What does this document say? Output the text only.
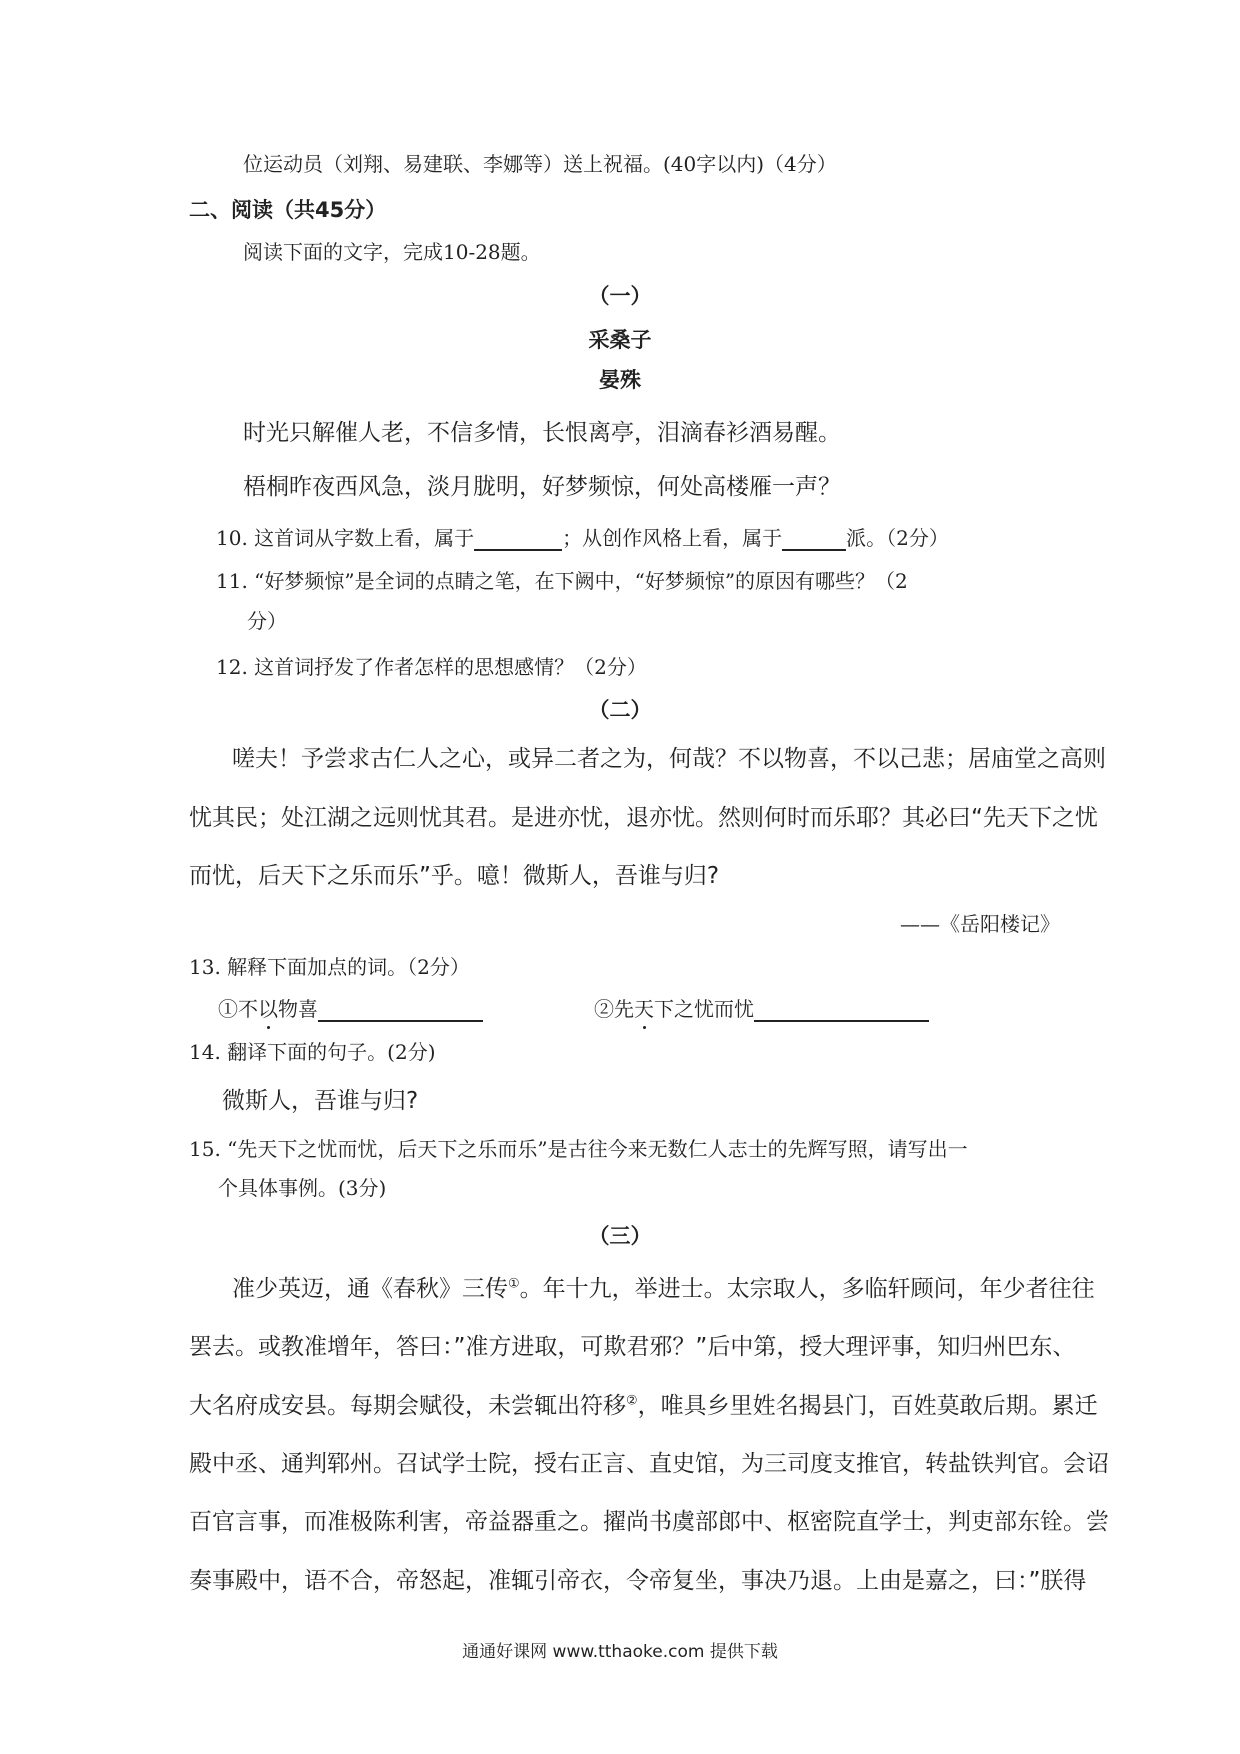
位运动员（刘翔、易建联、李娜等）送上祝福。(40字以内)（4分）
二、阅读（共45分）
阅读下面的文字，完成10-28题。
（一）
采桑子
晏殊
时光只解催人老，不信多情，长恨离亭，泪滴春衫酒易醒。
梧桐昨夜西风急，淡月胧明，好梦频惊，何处高楼雁一声？
10. 这首词从字数上看，属于	；从创作风格上看，属于	派。（2分）
11. “好梦频惊”是全词的点睛之笔，在下阙中，“好梦频惊”的原因有哪些？（2
分）
12. 这首词抒发了作者怎样的思想感情？（2分）
（二）
嗟夫！予尝求古仁人之心，或异二者之为，何哉？不以物喜，不以己悲；居庙堂之高则
忧其民；处江湖之远则忧其君。是进亦忧，退亦忧。然则何时而乐耶？其必曰“先天下之忧
而忧，后天下之乐而乐”乎。噫！微斯人，吾谁与归?
——《岳阳楼记》
13. 解释下面加点的词。（2分）
①不以物喜	②先天下之忧而忧
14. 翻译下面的句子。(2分)
微斯人，吾谁与归?
15. “先天下之忧而忧，后天下之乐而乐”是古往今来无数仁人志士的先辉写照，请写出一
个具体事例。(3分)
（三）
准少英迈，通《春秋》三传①。年十九，举进士。太宗取人，多临轩顾问，年少者往往
罢去。或教准增年，答曰：”准方进取，可欺君邪？”后中第，授大理评事，知归州巴东、
大名府成安县。每期会赋役，未尝辄出符移②，唯具乡里姓名揭县门，百姓莫敢后期。累迁
殿中丞、通判郓州。召试学士院，授右正言、直史馆，为三司度支推官，转盐铁判官。会诏
百官言事，而准极陈利害，帝益器重之。擢尚书虞部郎中、枢密院直学士，判吏部东铨。尝
奏事殿中，语不合，帝怒起，准辄引帝衣，令帝复坐，事决乃退。上由是嘉之，曰：”朕得
通通好课网 www.tthaoke.com 提供下载
